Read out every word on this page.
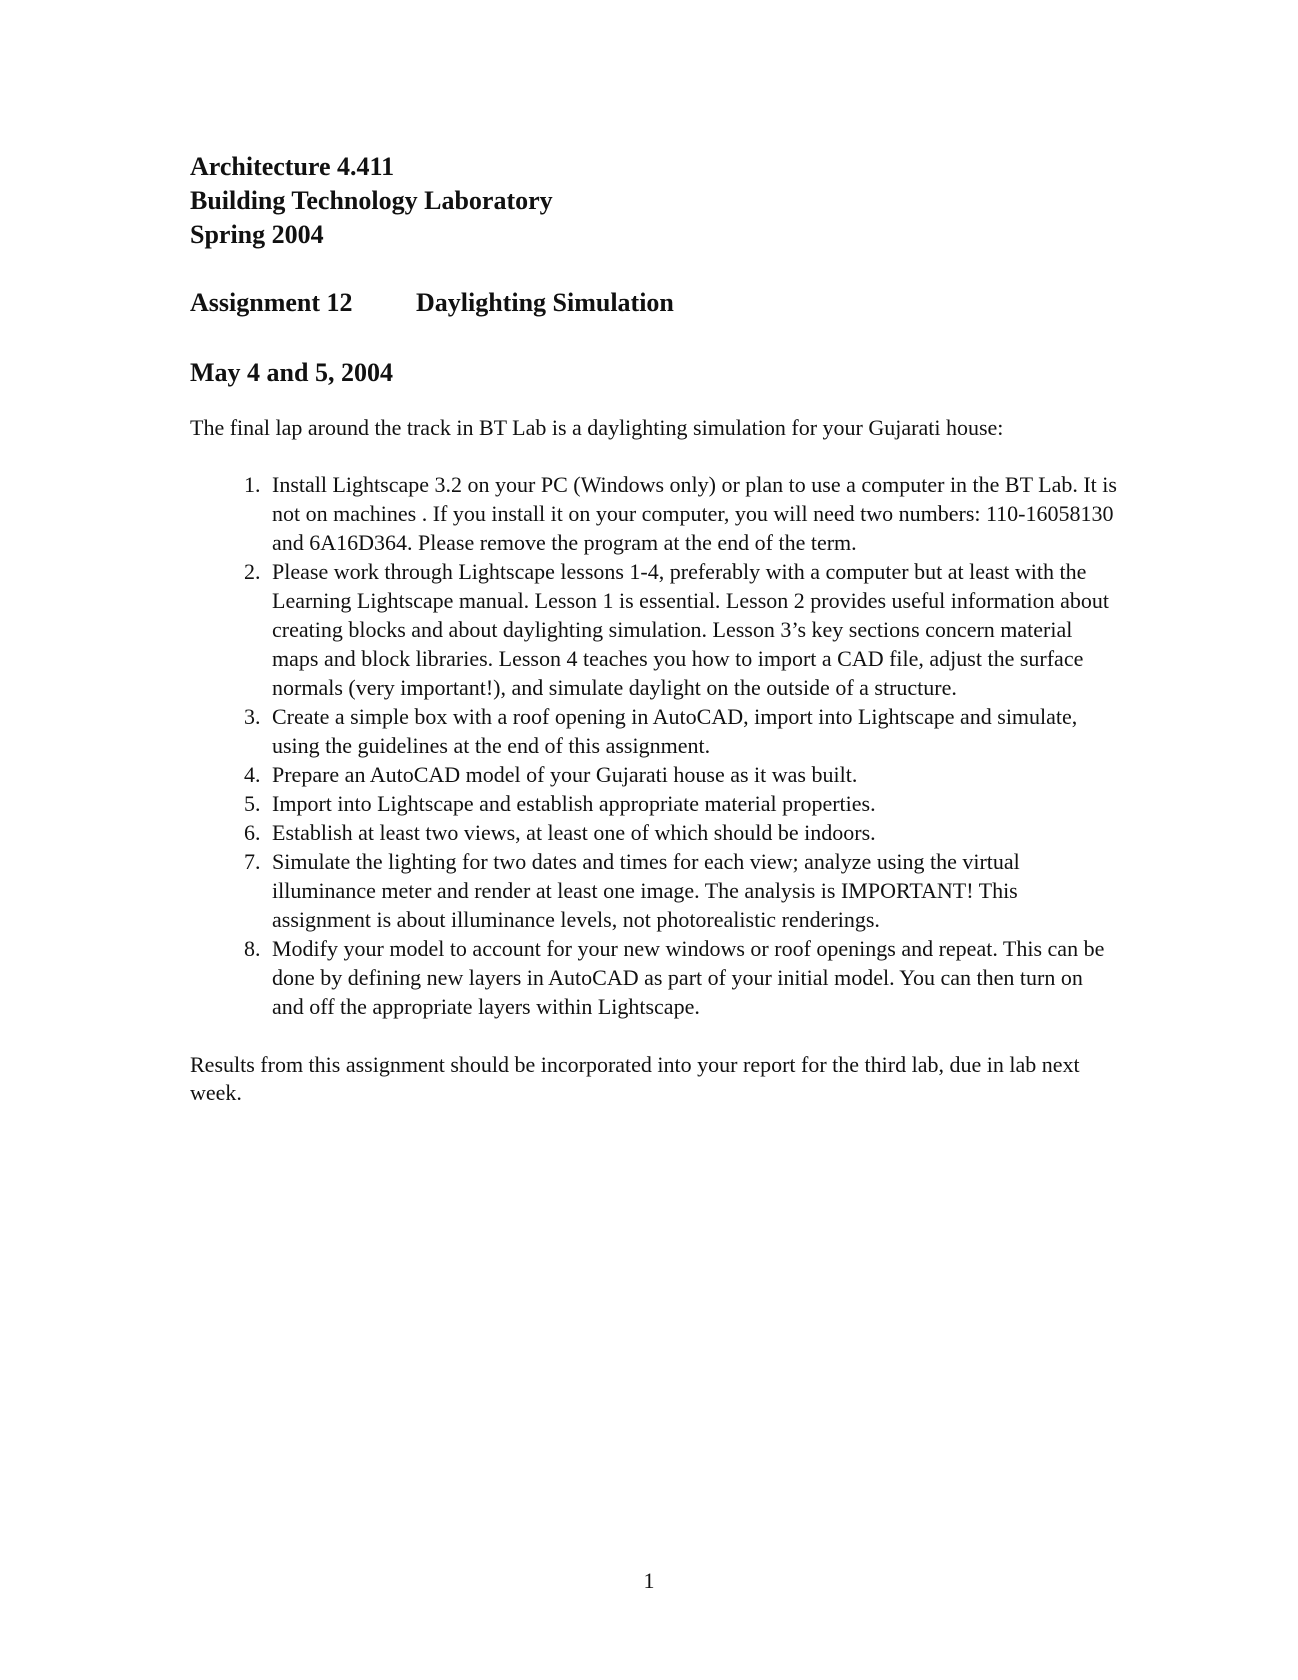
Architecture 4.411

Building Technology Laboratory

Spring 2004

Assignment 12	Daylighting Simulation
May 4 and 5, 2004
The final lap around the track in BT Lab is a daylighting simulation for your Gujarati house:
1. Install Lightscape 3.2 on your PC (Windows only) or plan to use a computer in the BT Lab. It is not on machines . If you install it on your computer, you will need two numbers: 110-16058130 and 6A16D364. Please remove the program at the end of the term.
2. Please work through Lightscape lessons 1-4, preferably with a computer but at least with the Learning Lightscape manual. Lesson 1 is essential. Lesson 2 provides useful information about creating blocks and about daylighting simulation. Lesson 3’s key sections concern material maps and block libraries. Lesson 4 teaches you how to import a CAD file, adjust the surface normals (very important!), and simulate daylight on the outside of a structure.
3. Create a simple box with a roof opening in AutoCAD, import into Lightscape and simulate, using the guidelines at the end of this assignment.
4. Prepare an AutoCAD model of your Gujarati house as it was built.
5. Import into Lightscape and establish appropriate material properties.
6. Establish at least two views, at least one of which should be indoors.
7. Simulate the lighting for two dates and times for each view; analyze using the virtual illuminance meter and render at least one image. The analysis is IMPORTANT! This assignment is about illuminance levels, not photorealistic renderings.
8. Modify your model to account for your new windows or roof openings and repeat. This can be done by defining new layers in AutoCAD as part of your initial model. You can then turn on and off the appropriate layers within Lightscape.
Results from this assignment should be incorporated into your report for the third lab, due in lab next week.
1
